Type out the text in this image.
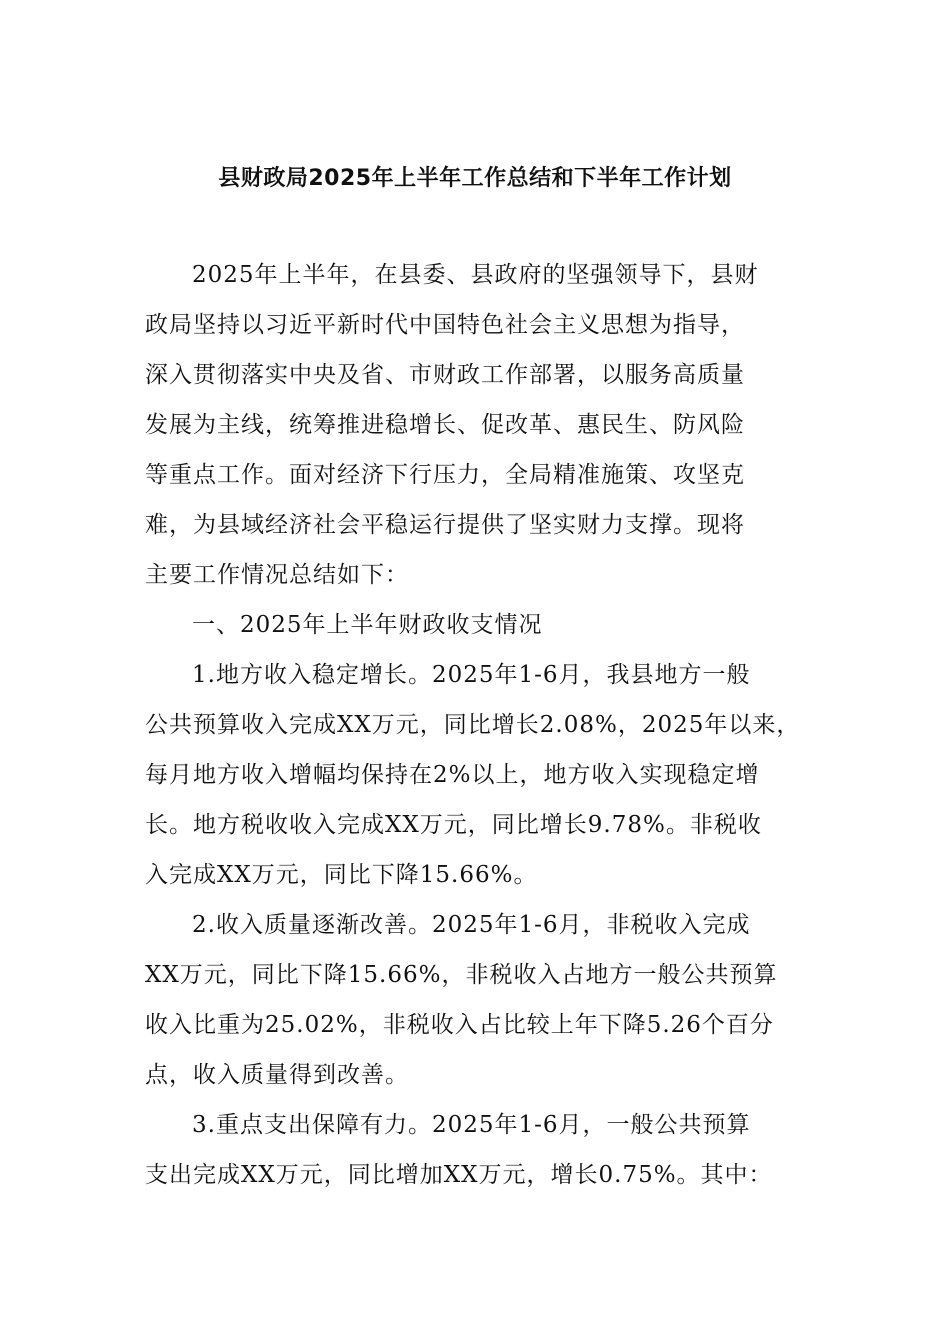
县财政局2025年上半年工作总结和下半年工作计划
2025年上半年，在县委、县政府的坚强领导下，县财
政局坚持以习近平新时代中国特色社会主义思想为指导，
深入贯彻落实中央及省、市财政工作部署，以服务高质量
发展为主线，统筹推进稳增长、促改革、惠民生、防风险
等重点工作。面对经济下行压力，全局精准施策、攻坚克
难，为县域经济社会平稳运行提供了坚实财力支撑。现将
主要工作情况总结如下：
一、2025年上半年财政收支情况
1.地方收入稳定增长。2025年1-6月，我县地方一般
公共预算收入完成XX万元，同比增长2.08%，2025年以来，
每月地方收入增幅均保持在2%以上，地方收入实现稳定增
长。地方税收收入完成XX万元，同比增长9.78%。非税收
入完成XX万元，同比下降15.66%。
2.收入质量逐渐改善。2025年1-6月，非税收入完成
XX万元，同比下降15.66%，非税收入占地方一般公共预算
收入比重为25.02%，非税收入占比较上年下降5.26个百分
点，收入质量得到改善。
3.重点支出保障有力。2025年1-6月，一般公共预算
支出完成XX万元，同比增加XX万元，增长0.75%。其中：
